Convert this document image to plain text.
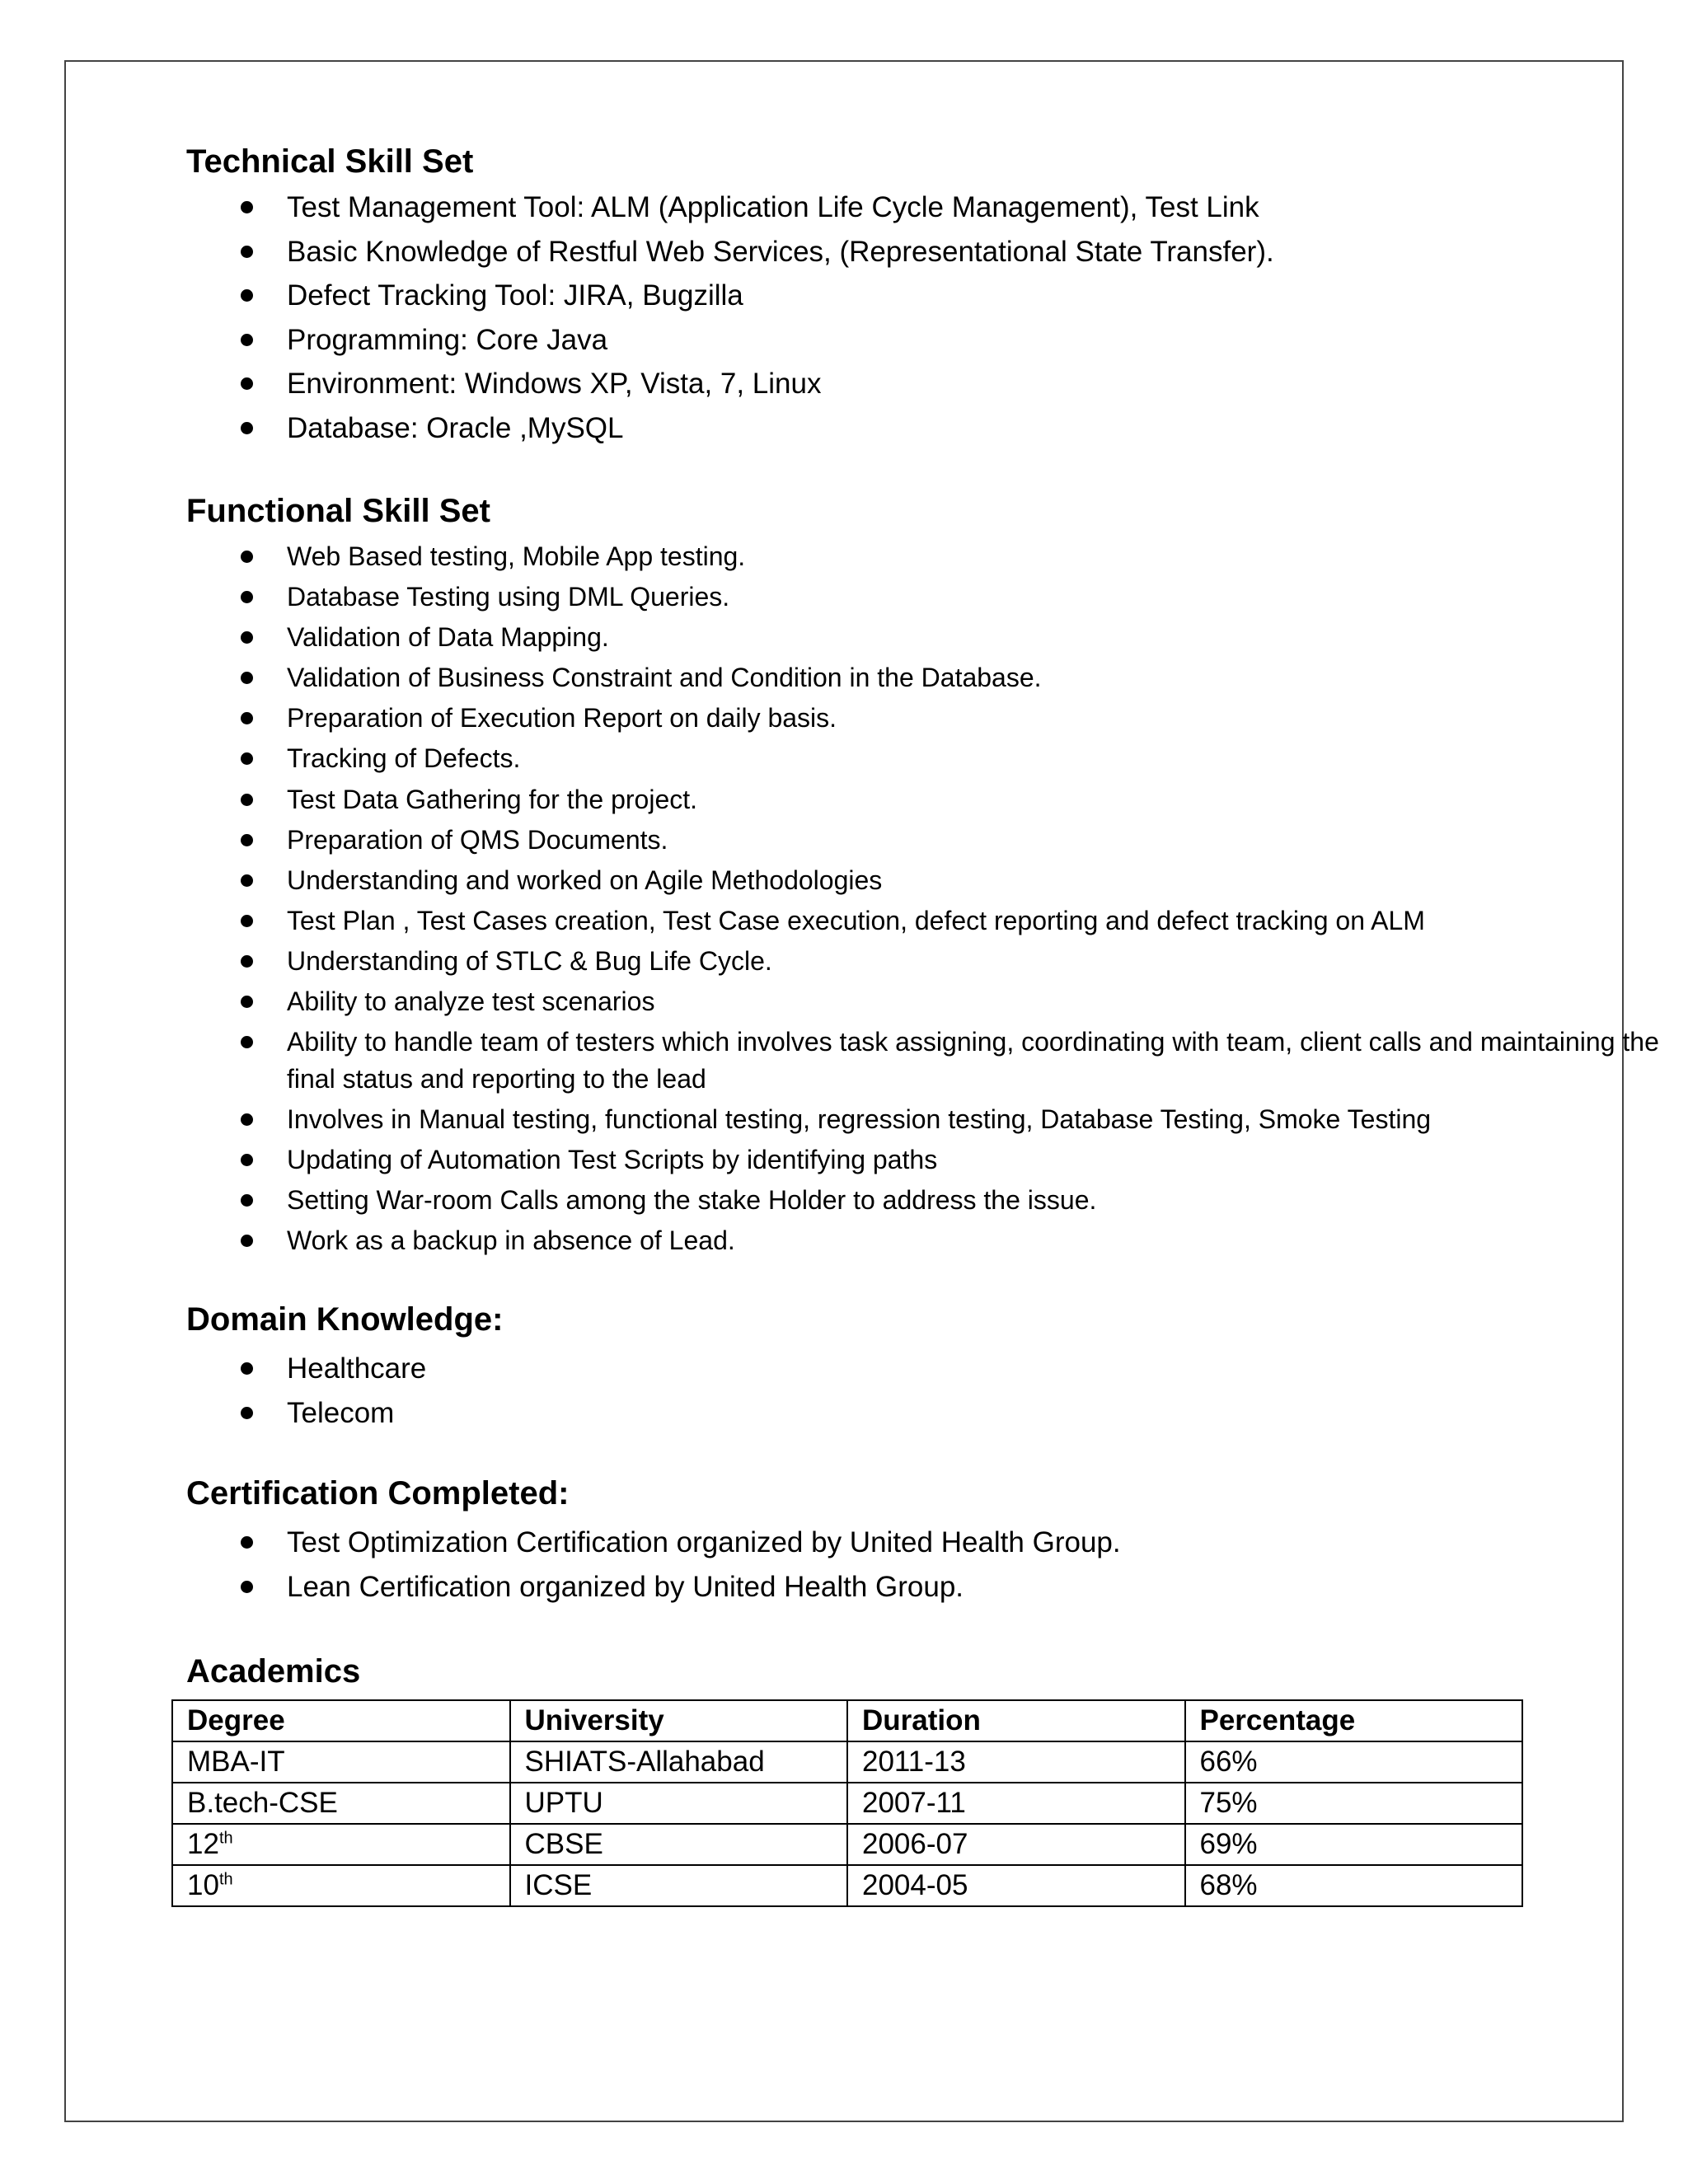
Technical Skill Set
Test Management Tool: ALM (Application Life Cycle Management), Test Link
Basic Knowledge of Restful Web Services, (Representational State Transfer).
Defect Tracking Tool: JIRA, Bugzilla
Programming: Core Java
Environment: Windows XP, Vista, 7, Linux
Database: Oracle ,MySQL
Functional Skill Set
Web Based testing, Mobile App testing.
Database Testing using DML Queries.
Validation of Data Mapping.
Validation of Business Constraint and Condition in the Database.
Preparation of Execution Report on daily basis.
Tracking of Defects.
Test Data Gathering for the project.
Preparation of QMS Documents.
Understanding and worked on Agile Methodologies
Test Plan , Test Cases creation, Test Case execution, defect reporting and defect tracking on ALM
Understanding of STLC & Bug Life Cycle.
Ability to analyze test scenarios
Ability to handle team of testers which involves task assigning, coordinating with team, client calls and maintaining the final status and reporting to the lead
Involves in Manual testing, functional testing, regression testing, Database Testing, Smoke Testing
Updating of Automation Test Scripts by identifying paths
Setting War-room Calls among the stake Holder to address the issue.
Work as a backup in absence of Lead.
Domain Knowledge:
Healthcare
Telecom
Certification Completed:
Test Optimization Certification organized by United Health Group.
Lean Certification organized by United Health Group.
Academics
Degree	University	Duration	Percentage
MBA-IT	SHIATS-Allahabad	2011-13	66%
B.tech-CSE	UPTU	2007-11	75%
12th	CBSE	2006-07	69%
10th	ICSE	2004-05	68%
